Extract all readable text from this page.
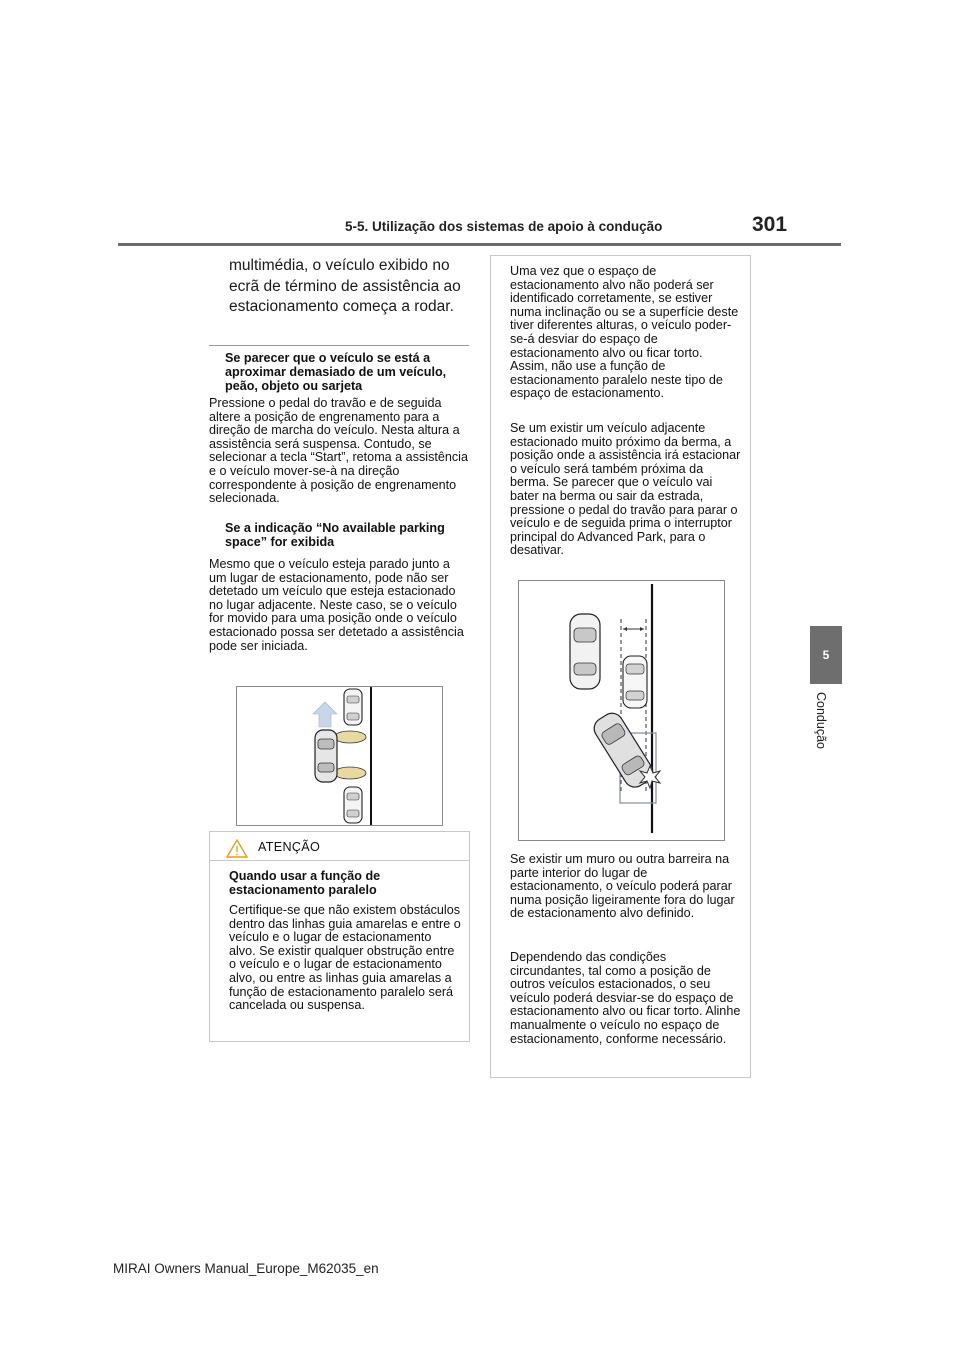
5-5. Utilização dos sistemas de apoio à condução	301
5
Condução
multimédia, o veículo exibido no ecrã de término de assistência ao estacionamento começa a rodar.
Se parecer que o veículo se está a aproximar demasiado de um veículo, peão, objeto ou sarjeta
Pressione o pedal do travão e de seguida altere a posição de engrenamento para a direção de marcha do veículo. Nesta altura a assistência será suspensa. Contudo, se selecionar a tecla “Start”, retoma a assistência e o veículo mover-se-à na direção correspondente à posição de engrenamento selecionada.
Se a indicação “No available parking space” for exibida
Mesmo que o veículo esteja parado junto a um lugar de estacionamento, pode não ser detetado um veículo que esteja estacionado no lugar adjacente. Neste caso, se o veículo for movido para uma posição onde o veículo estacionado possa ser detetado a assistência pode ser iniciada.
ATENÇÃO
Quando usar a função de estacionamento paralelo
Certifique-se que não existem obstáculos dentro das linhas guia amarelas e entre o veículo e o lugar de estacionamento alvo. Se existir qualquer obstrução entre o veículo e o lugar de estacionamento alvo, ou entre as linhas guia amarelas a função de estacionamento paralelo será cancelada ou suspensa.
Uma vez que o espaço de estacionamento alvo não poderá ser identificado corretamente, se estiver numa inclinação ou se a superfície deste tiver diferentes alturas, o veículo poder-se-á desviar do espaço de estacionamento alvo ou ficar torto. Assim, não use a função de estacionamento paralelo neste tipo de espaço de estacionamento.
Se um existir um veículo adjacente estacionado muito próximo da berma, a posição onde a assistência irá estacionar o veículo será também próxima da berma. Se parecer que o veículo vai bater na berma ou sair da estrada, pressione o pedal do travão para parar o veículo e de seguida prima o interruptor principal do Advanced Park, para o desativar.
Se existir um muro ou outra barreira na parte interior do lugar de estacionamento, o veículo poderá parar numa posição ligeiramente fora do lugar de estacionamento alvo definido.
Dependendo das condições circundantes, tal como a posição de outros veículos estacionados, o seu veículo poderá desviar-se do espaço de estacionamento alvo ou ficar torto. Alinhe manualmente o veículo no espaço de estacionamento, conforme necessário.
MIRAI Owners Manual_Europe_M62035_en
